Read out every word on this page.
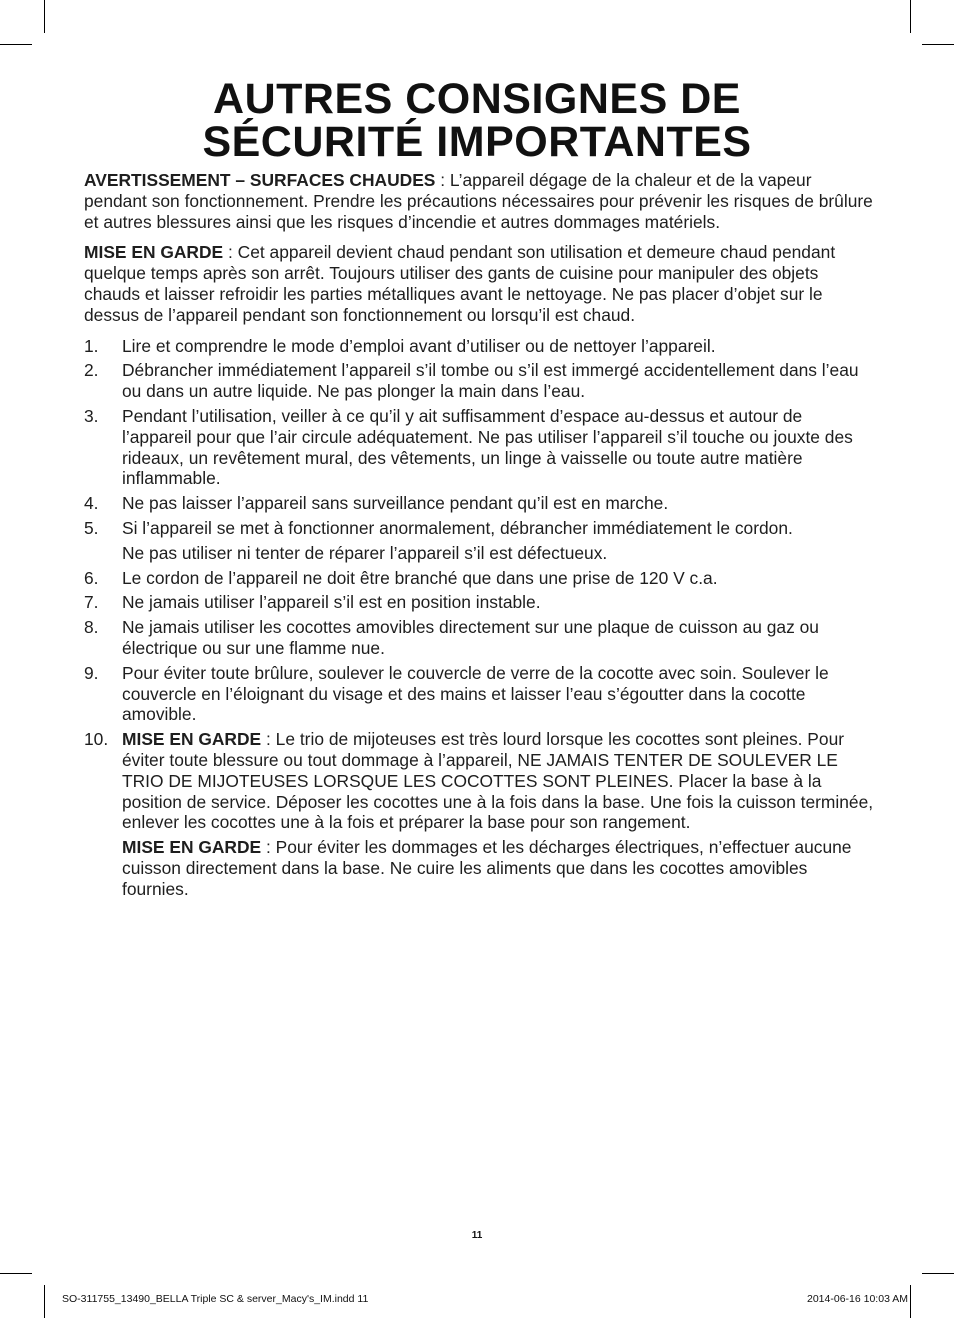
AUTRES CONSIGNES DE
SÉCURITÉ IMPORTANTES

AVERTISSEMENT – SURFACES CHAUDES : L’appareil dégage de la chaleur et de la vapeur pendant son fonctionnement. Prendre les précautions nécessaires pour prévenir les risques de brûlure et autres blessures ainsi que les risques d’incendie et autres dommages matériels.

MISE EN GARDE : Cet appareil devient chaud pendant son utilisation et demeure chaud pendant quelque temps après son arrêt. Toujours utiliser des gants de cuisine pour manipuler des objets chauds et laisser refroidir les parties métalliques avant le nettoyage. Ne pas placer d’objet sur le dessus de l’appareil pendant son fonctionnement ou lorsqu’il est chaud.

1. Lire et comprendre le mode d’emploi avant d’utiliser ou de nettoyer l’appareil.
2. Débrancher immédiatement l’appareil s’il tombe ou s’il est immergé accidentellement dans l’eau ou dans un autre liquide. Ne pas plonger la main dans l’eau.
3. Pendant l’utilisation, veiller à ce qu’il y ait suffisamment d’espace au-dessus et autour de l’appareil pour que l’air circule adéquatement. Ne pas utiliser l’appareil s’il touche ou jouxte des rideaux, un revêtement mural, des vêtements, un linge à vaisselle ou toute autre matière inflammable.
4. Ne pas laisser l’appareil sans surveillance pendant qu’il est en marche.
5. Si l’appareil se met à fonctionner anormalement, débrancher immédiatement le cordon.
Ne pas utiliser ni tenter de réparer l’appareil s’il est défectueux.
6. Le cordon de l’appareil ne doit être branché que dans une prise de 120 V c.a.
7. Ne jamais utiliser l’appareil s’il est en position instable.
8. Ne jamais utiliser les cocottes amovibles directement sur une plaque de cuisson au gaz ou électrique ou sur une flamme nue.
9. Pour éviter toute brûlure, soulever le couvercle de verre de la cocotte avec soin. Soulever le couvercle en l’éloignant du visage et des mains et laisser l’eau s’égoutter dans la cocotte amovible.
10. MISE EN GARDE : Le trio de mijoteuses est très lourd lorsque les cocottes sont pleines. Pour éviter toute blessure ou tout dommage à l’appareil, NE JAMAIS TENTER DE SOULEVER LE TRIO DE MIJOTEUSES LORSQUE LES COCOTTES SONT PLEINES. Placer la base à la position de service. Déposer les cocottes une à la fois dans la base. Une fois la cuisson terminée, enlever les cocottes une à la fois et préparer la base pour son rangement.
MISE EN GARDE : Pour éviter les dommages et les décharges électriques, n’effectuer aucune cuisson directement dans la base. Ne cuire les aliments que dans les cocottes amovibles fournies.
11
SO-311755_13490_BELLA Triple SC & server_Macy's_IM.indd 11	2014-06-16 10:03 AM
